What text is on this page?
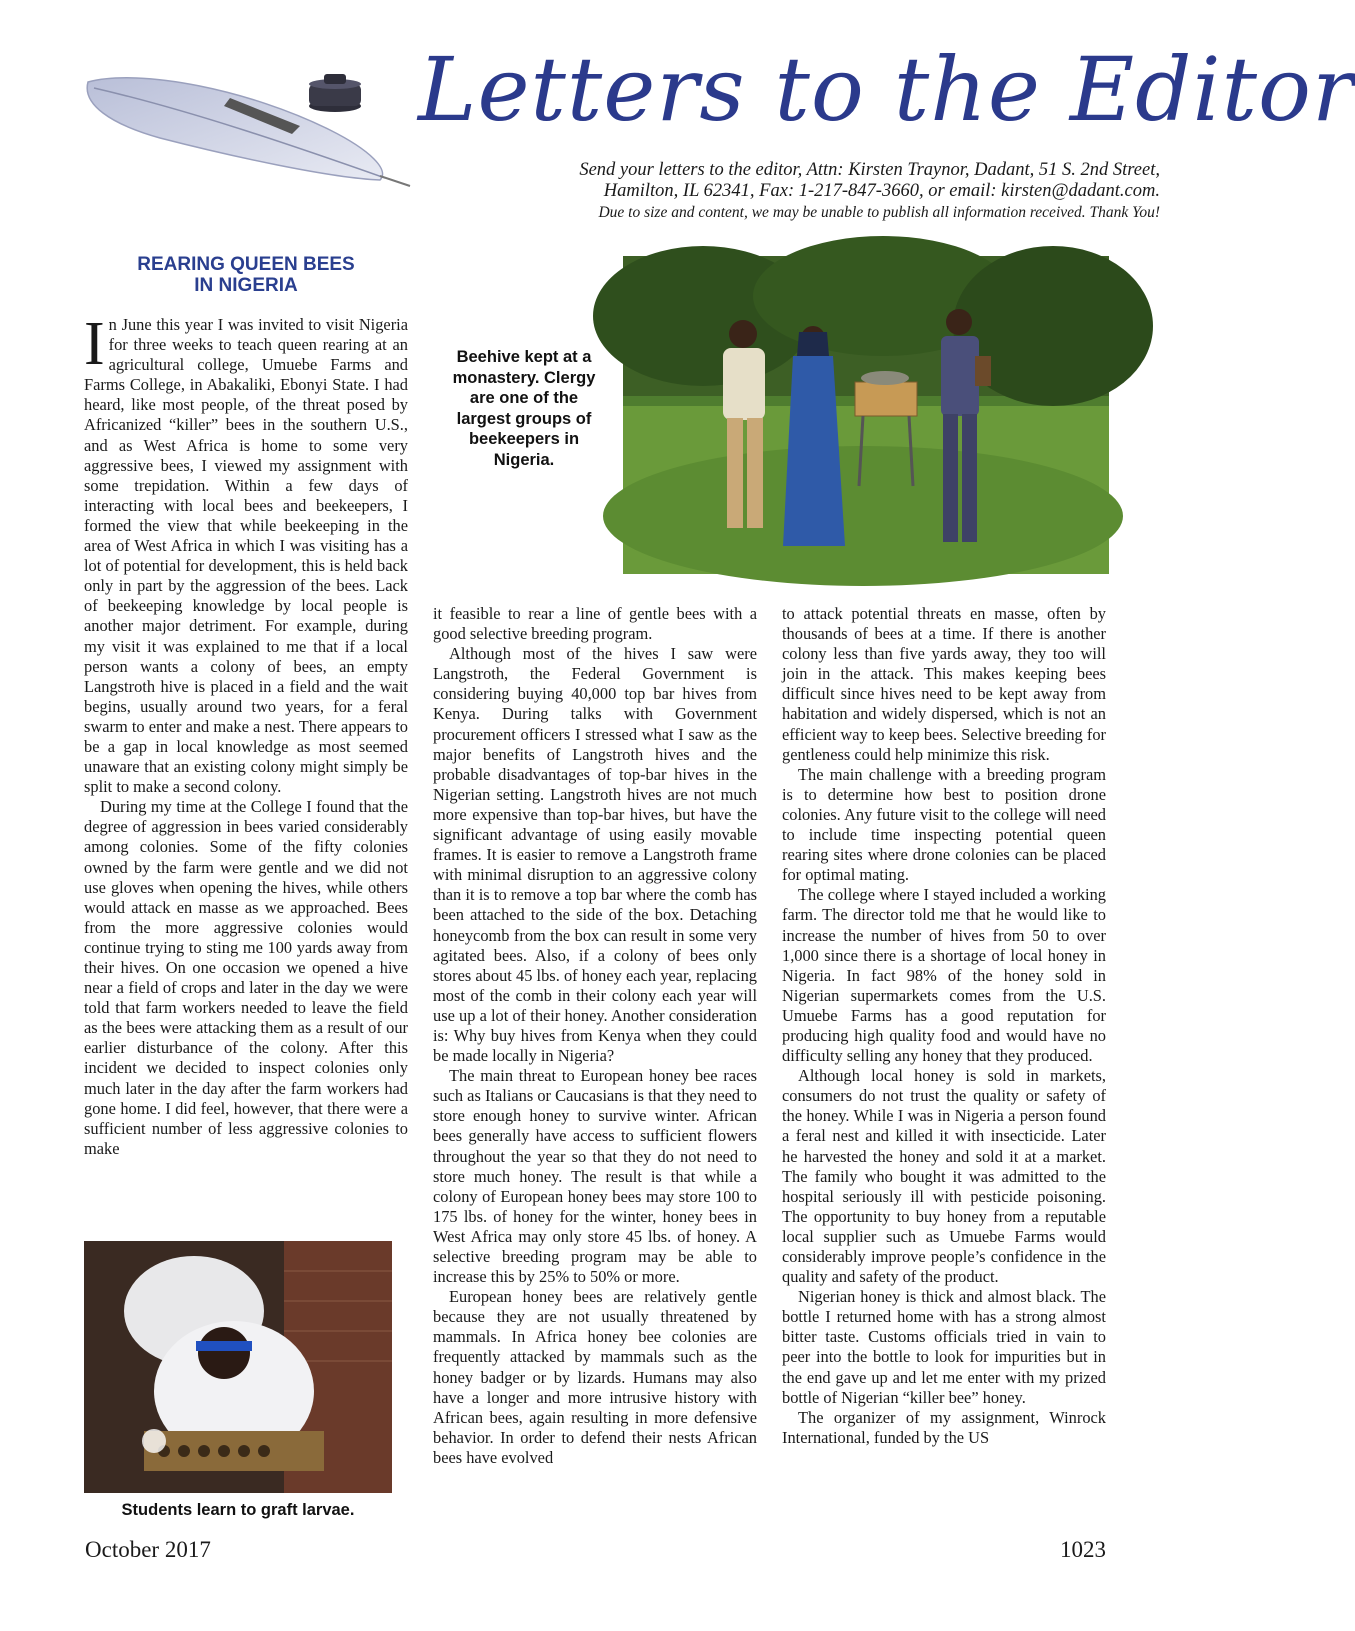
Letters to the Editor
Send your letters to the editor, Attn: Kirsten Traynor, Dadant, 51 S. 2nd Street,
Hamilton, IL 62341, Fax: 1-217-847-3660, or email: kirsten@dadant.com.
Due to size and content, we may be unable to publish all information received. Thank You!
REARING QUEEN BEES
IN NIGERIA

In June this year I was invited to visit Nigeria for three weeks to teach queen rearing at an agricultural college, Umuebe Farms and Farms College, in Abakaliki, Ebonyi State. I had heard, like most people, of the threat posed by Africanized “killer” bees in the southern U.S., and as West Africa is home to some very aggressive bees, I viewed my assignment with some trepidation. Within a few days of interacting with local bees and beekeepers, I formed the view that while beekeeping in the area of West Africa in which I was visiting has a lot of potential for development, this is held back only in part by the aggression of the bees. Lack of beekeeping knowledge by local people is another major detriment. For example, during my visit it was explained to me that if a local person wants a colony of bees, an empty Langstroth hive is placed in a field and the wait begins, usually around two years, for a feral swarm to enter and make a nest. There appears to be a gap in local knowledge as most seemed unaware that an existing colony might simply be split to make a second colony.

During my time at the College I found that the degree of aggression in bees varied considerably among colonies. Some of the fifty colonies owned by the farm were gentle and we did not use gloves when opening the hives, while others would attack en masse as we approached. Bees from the more aggressive colonies would continue trying to sting me 100 yards away from their hives. On one occasion we opened a hive near a field of crops and later in the day we were told that farm workers needed to leave the field as the bees were attacking them as a result of our earlier disturbance of the colony. After this incident we decided to inspect colonies only much later in the day after the farm workers had gone home. I did feel, however, that there were a sufficient number of less aggressive colonies to make

Beehive kept at a monastery. Clergy are one of the largest groups of beekeepers in Nigeria.

it feasible to rear a line of gentle bees with a good selective breeding program.

Although most of the hives I saw were Langstroth, the Federal Government is considering buying 40,000 top bar hives from Kenya. During talks with Government procurement officers I stressed what I saw as the major benefits of Langstroth hives and the probable disadvantages of top-bar hives in the Nigerian setting. Langstroth hives are not much more expensive than top-bar hives, but have the significant advantage of using easily movable frames. It is easier to remove a Langstroth frame with minimal disruption to an aggressive colony than it is to remove a top bar where the comb has been attached to the side of the box. Detaching honeycomb from the box can result in some very agitated bees. Also, if a colony of bees only stores about 45 lbs. of honey each year, replacing most of the comb in their colony each year will use up a lot of their honey. Another consideration is: Why buy hives from Kenya when they could be made locally in Nigeria?

The main threat to European honey bee races such as Italians or Caucasians is that they need to store enough honey to survive winter. African bees generally have access to sufficient flowers throughout the year so that they do not need to store much honey. The result is that while a colony of European honey bees may store 100 to 175 lbs. of honey for the winter, honey bees in West Africa may only store 45 lbs. of honey. A selective breeding program may be able to increase this by 25% to 50% or more.

European honey bees are relatively gentle because they are not usually threatened by mammals. In Africa honey bee colonies are frequently attacked by mammals such as the honey badger or by lizards. Humans may also have a longer and more intrusive history with African bees, again resulting in more defensive behavior. In order to defend their nests African bees have evolved

to attack potential threats en masse, often by thousands of bees at a time. If there is another colony less than five yards away, they too will join in the attack. This makes keeping bees difficult since hives need to be kept away from habitation and widely dispersed, which is not an efficient way to keep bees. Selective breeding for gentleness could help minimize this risk.

The main challenge with a breeding program is to determine how best to position drone colonies. Any future visit to the college will need to include time inspecting potential queen rearing sites where drone colonies can be placed for optimal mating.

The college where I stayed included a working farm. The director told me that he would like to increase the number of hives from 50 to over 1,000 since there is a shortage of local honey in Nigeria. In fact 98% of the honey sold in Nigerian supermarkets comes from the U.S. Umuebe Farms has a good reputation for producing high quality food and would have no difficulty selling any honey that they produced.

Although local honey is sold in markets, consumers do not trust the quality or safety of the honey. While I was in Nigeria a person found a feral nest and killed it with insecticide. Later he harvested the honey and sold it at a market. The family who bought it was admitted to the hospital seriously ill with pesticide poisoning. The opportunity to buy honey from a reputable local supplier such as Umuebe Farms would considerably improve people’s confidence in the quality and safety of the product.

Nigerian honey is thick and almost black. The bottle I returned home with has a strong almost bitter taste. Customs officials tried in vain to peer into the bottle to look for impurities but in the end gave up and let me enter with my prized bottle of Nigerian “killer bee” honey.

The organizer of my assignment, Winrock International, funded by the US

Students learn to graft larvae.
October 2017	1023
